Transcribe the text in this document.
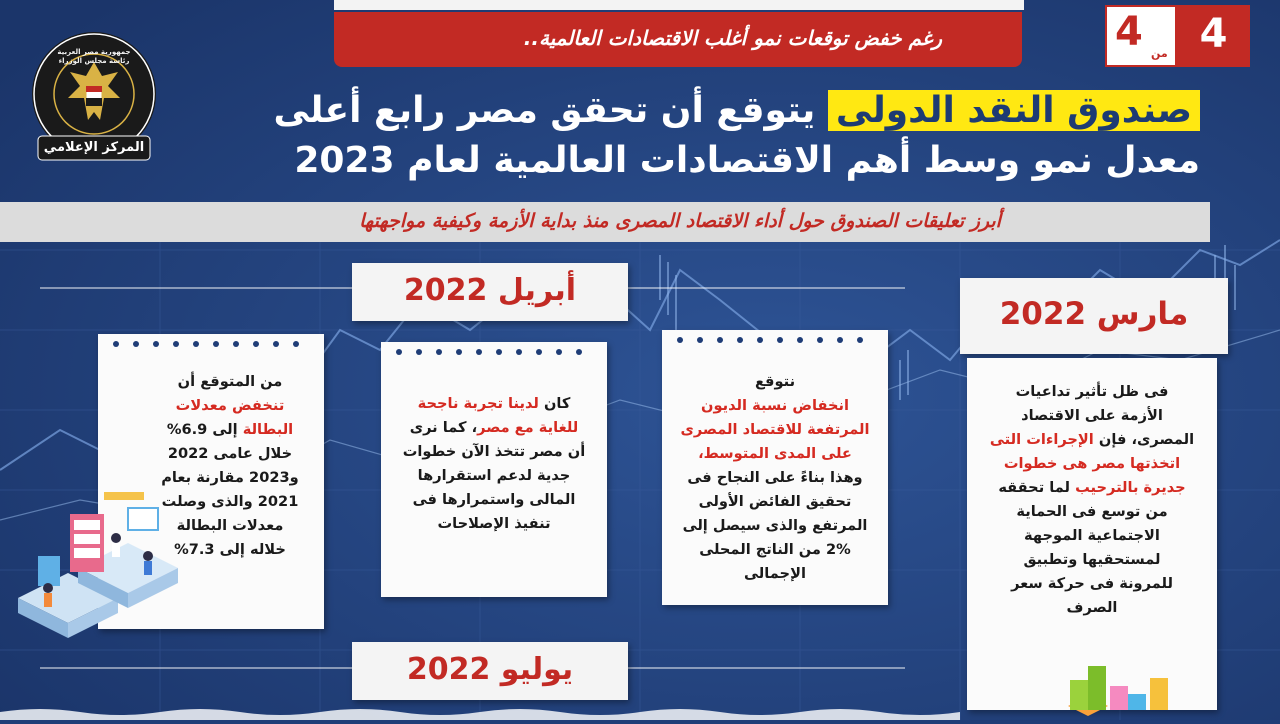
رغم خفض توقعات نمو أغلب الاقتصادات العالمية..	4 من 4
المركز الإعلامي
جمهورية مصر العربية رئاسة مجلس الوزراء
صندوق النقد الدولى يتوقع أن تحقق مصر رابع أعلى
معدل نمو وسط أهم الاقتصادات العالمية لعام 2023
أبرز تعليقات الصندوق حول أداء الاقتصاد المصرى منذ بداية الأزمة وكيفية مواجهتها
مارس 2022
أبريل 2022
يوليو 2022
فى ظل تأثير تداعيات
الأزمة على الاقتصاد
المصرى، فإن الإجراءات التى
اتخذتها مصر هى خطوات
جديرة بالترحيب لما تحققه
من توسع فى الحماية
الاجتماعية الموجهة
لمستحقيها وتطبيق
للمرونة فى حركة سعر
الصرف
نتوقع
انخفاض نسبة الديون
المرتفعة للاقتصاد المصرى
على المدى المتوسط،
وهذا بناءً على النجاح فى
تحقيق الفائض الأولى
المرتفع والذى سيصل إلى
2% من الناتج المحلى
الإجمالى
كان لدينا تجربة ناجحة
للغاية مع مصر، كما نرى
أن مصر تتخذ الآن خطوات
جدية لدعم استقرارها
المالى واستمرارها فى
تنفيذ الإصلاحات
من المتوقع أن
تنخفض معدلات
البطالة إلى 6.9%
خلال عامى 2022
و2023 مقارنة بعام
2021 والذى وصلت
معدلات البطالة
خلاله إلى 7.3%
